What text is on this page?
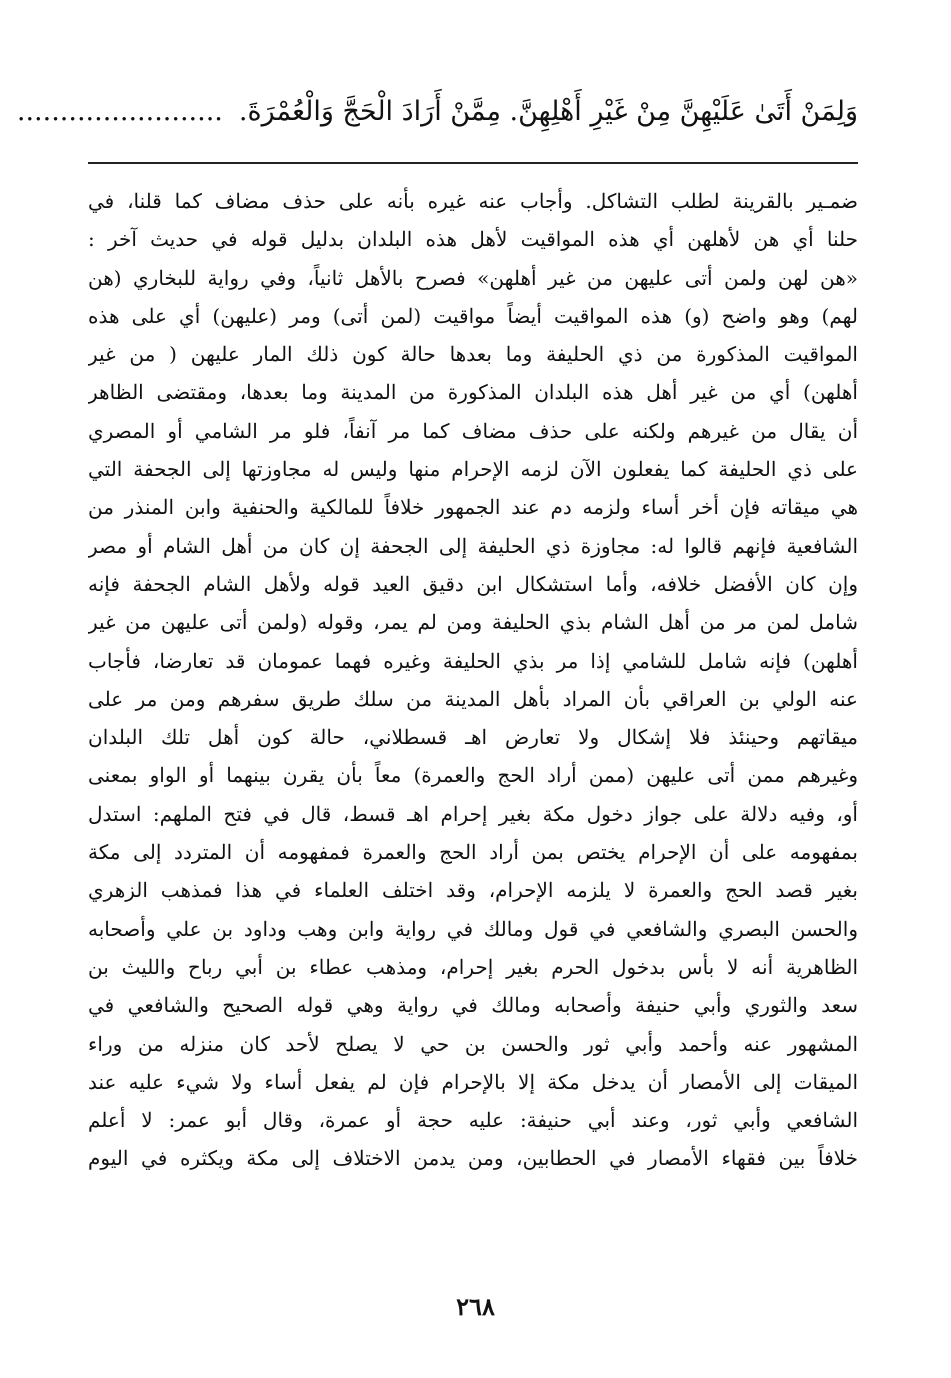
وَلِمَنْ أَتَىٰ عَلَيْهِنَّ مِنْ غَيْرِ أَهْلِهِنَّ. مِمَّنْ أَرَادَ الْحَجَّ وَالْعُمْرَةَ.........................
ضمـير بالقرينة لطلب التشاكل. وأجاب عنه غيره بأنه على حذف مضاف كما قلنا، في
حلنا أي هن لأهلهن أي هذه المواقيت لأهل هذه البلدان بدليل قوله في حديث آخر :
«هن لهن ولمن أتى عليهن من غير أهلهن» فصرح بالأهل ثانياً، وفي رواية للبخاري (هن
لهم) وهو واضح (و) هذه المواقيت أيضاً مواقيت (لمن أتى) ومر (عليهن) أي على هذه
المواقيت المذكورة من ذي الحليفة وما بعدها حالة كون ذلك المار عليهن ( من غير
أهلهن) أي من غير أهل هذه البلدان المذكورة من المدينة وما بعدها، ومقتضى الظاهر
أن يقال من غيرهم ولكنه على حذف مضاف كما مر آنفاً، فلو مر الشامي أو المصري
على ذي الحليفة كما يفعلون الآن لزمه الإحرام منها وليس له مجاوزتها إلى الجحفة التي
هي ميقاته فإن أخر أساء ولزمه دم عند الجمهور خلافاً للمالكية والحنفية وابن المنذر من
الشافعية فإنهم قالوا له: مجاوزة ذي الحليفة إلى الجحفة إن كان من أهل الشام أو مصر
وإن كان الأفضل خلافه، وأما استشكال ابن دقيق العيد قوله ولأهل الشام الجحفة فإنه
شامل لمن مر من أهل الشام بذي الحليفة ومن لم يمر، وقوله (ولمن أتى عليهن من غير
أهلهن) فإنه شامل للشامي إذا مر بذي الحليفة وغيره فهما عمومان قد تعارضا، فأجاب
عنه الولي بن العراقي بأن المراد بأهل المدينة من سلك طريق سفرهم ومن مر على
ميقاتهم وحينئذ فلا إشكال ولا تعارض اهـ قسطلاني، حالة كون أهل تلك البلدان
وغيرهم ممن أتى عليهن (ممن أراد الحج والعمرة) معاً بأن يقرن بينهما أو الواو بمعنى
أو، وفيه دلالة على جواز دخول مكة بغير إحرام اهـ قسط، قال في فتح الملهم: استدل
بمفهومه على أن الإحرام يختص بمن أراد الحج والعمرة فمفهومه أن المتردد إلى مكة
بغير قصد الحج والعمرة لا يلزمه الإحرام، وقد اختلف العلماء في هذا فمذهب الزهري
والحسن البصري والشافعي في قول ومالك في رواية وابن وهب وداود بن علي وأصحابه
الظاهرية أنه لا بأس بدخول الحرم بغير إحرام، ومذهب عطاء بن أبي رباح والليث بن
سعد والثوري وأبي حنيفة وأصحابه ومالك في رواية وهي قوله الصحيح والشافعي في
المشهور عنه وأحمد وأبي ثور والحسن بن حي لا يصلح لأحد كان منزله من وراء
الميقات إلى الأمصار أن يدخل مكة إلا بالإحرام فإن لم يفعل أساء ولا شيء عليه عند
الشافعي وأبي ثور، وعند أبي حنيفة: عليه حجة أو عمرة، وقال أبو عمر: لا أعلم
خلافاً بين فقهاء الأمصار في الحطابين، ومن يدمن الاختلاف إلى مكة ويكثره في اليوم
٢٦٨
